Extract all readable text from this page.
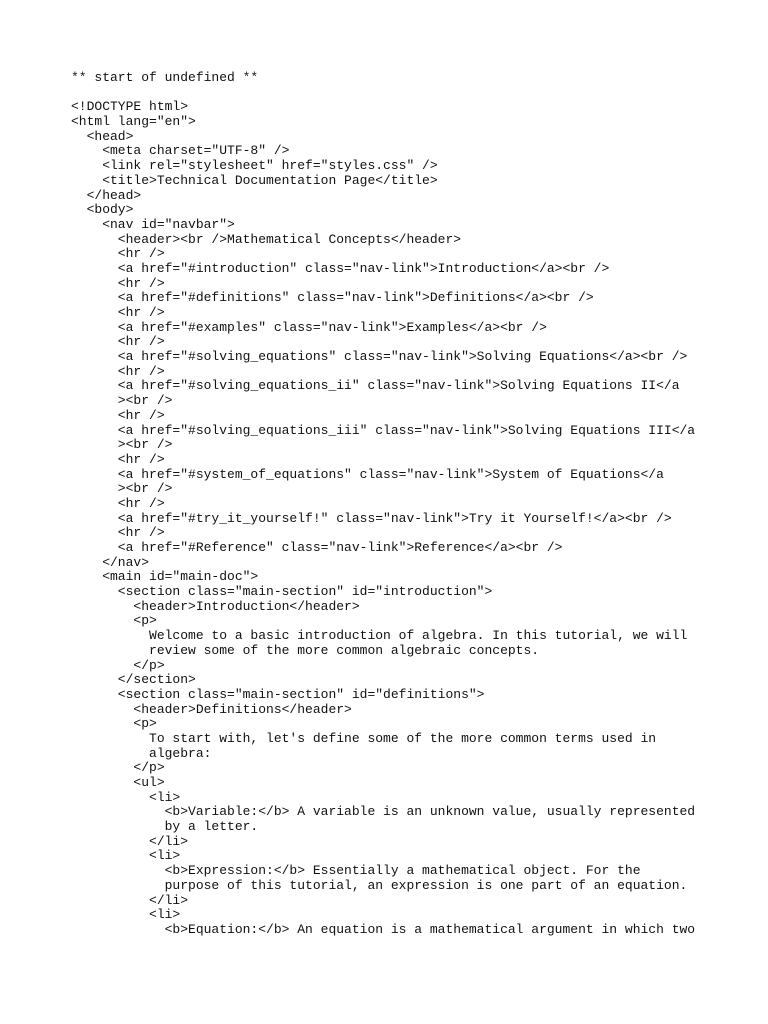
** start of undefined **
<!DOCTYPE html>
<html lang="en">
<head>
<meta charset="UTF-8" />
<link rel="stylesheet" href="styles.css" />
<title>Technical Documentation Page</title>
</head>
<body>
<nav id="navbar">
<header><br />Mathematical Concepts</header>
<hr />
<a href="#introduction" class="nav-link">Introduction</a><br />
<hr />
<a href="#definitions" class="nav-link">Definitions</a><br />
<hr />
<a href="#examples" class="nav-link">Examples</a><br />
<hr />
<a href="#solving_equations" class="nav-link">Solving Equations</a><br />
<hr />
<a href="#solving_equations_ii" class="nav-link">Solving Equations II</a
><br />
<hr />
<a href="#solving_equations_iii" class="nav-link">Solving Equations III</a
><br />
<hr />
<a href="#system_of_equations" class="nav-link">System of Equations</a
><br />
<hr />
<a href="#try_it_yourself!" class="nav-link">Try it Yourself!</a><br />
<hr />
<a href="#Reference" class="nav-link">Reference</a><br />
</nav>
<main id="main-doc">
<section class="main-section" id="introduction">
<header>Introduction</header>
<p>
Welcome to a basic introduction of algebra. In this tutorial, we will
review some of the more common algebraic concepts.
</p>
</section>
<section class="main-section" id="definitions">
<header>Definitions</header>
<p>
To start with, let's define some of the more common terms used in
algebra:
</p>
<ul>
<li>
<b>Variable:</b> A variable is an unknown value, usually represented
by a letter.
</li>
<li>
<b>Expression:</b> Essentially a mathematical object. For the
purpose of this tutorial, an expression is one part of an equation.
</li>
<li>
<b>Equation:</b> An equation is a mathematical argument in which two
